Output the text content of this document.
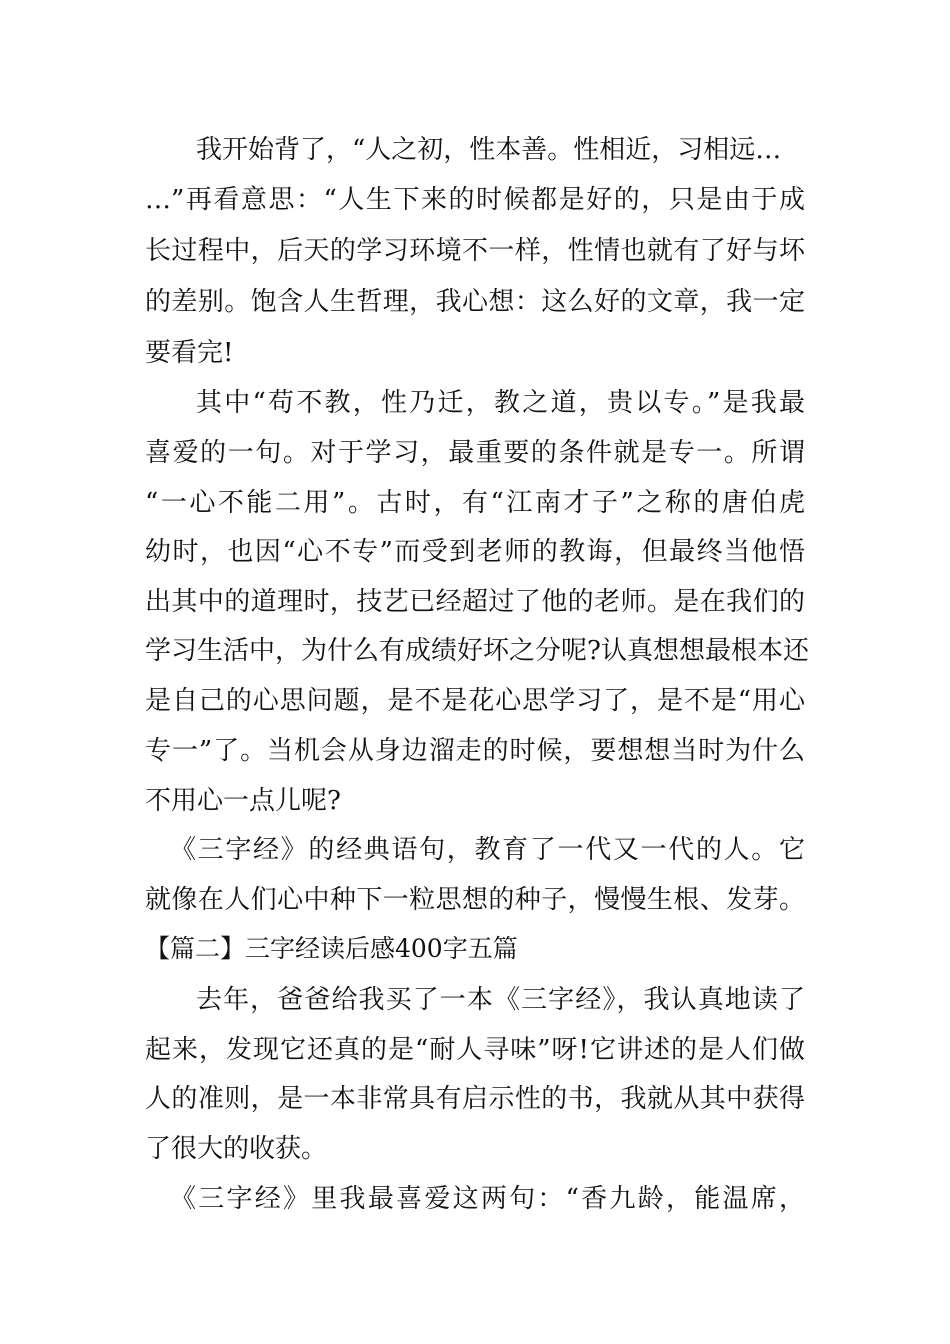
我开始背了，“人之初，性本善。性相近，习相远…
…”再看意思：“人生下来的时候都是好的，只是由于成
长过程中，后天的学习环境不一样，性情也就有了好与坏
的差别。饱含人生哲理，我心想：这么好的文章，我一定
要看完!
其中“苟不教，性乃迁，教之道，贵以专。”是我最
喜爱的一句。对于学习，最重要的条件就是专一。所谓
“一心不能二用”。古时，有“江南才子”之称的唐伯虎
幼时，也因“心不专”而受到老师的教诲，但最终当他悟
出其中的道理时，技艺已经超过了他的老师。是在我们的
学习生活中，为什么有成绩好坏之分呢?认真想想最根本还
是自己的心思问题，是不是花心思学习了，是不是“用心
专一”了。当机会从身边溜走的时候，要想想当时为什么
不用心一点儿呢?
《三字经》的经典语句，教育了一代又一代的人。它
就像在人们心中种下一粒思想的种子，慢慢生根、发芽。
【篇二】三字经读后感400字五篇
去年，爸爸给我买了一本《三字经》，我认真地读了
起来，发现它还真的是“耐人寻味”呀!它讲述的是人们做
人的准则，是一本非常具有启示性的书，我就从其中获得
了很大的收获。
《三字经》里我最喜爱这两句：“香九龄，能温席，
